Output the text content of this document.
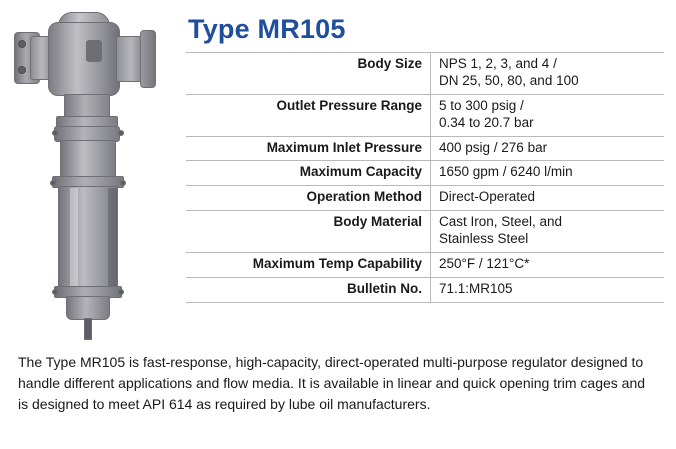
Type MR105
Body Size	NPS 1, 2, 3, and 4 /
DN 25, 50, 80, and 100
Outlet Pressure Range	5 to 300 psig /
0.34 to 20.7 bar
Maximum Inlet Pressure	400 psig / 276 bar
Maximum Capacity	1650 gpm / 6240 l/min
Operation Method	Direct-Operated
Body Material	Cast Iron, Steel, and
Stainless Steel
Maximum Temp Capability	250°F / 121°C*
Bulletin No.	71.1:MR105

The Type MR105 is fast-response, high-capacity, direct-operated multi-purpose regulator designed to handle different applications and flow media. It is available in linear and quick opening trim cages and is designed to meet API 614 as required by lube oil manufacturers.
